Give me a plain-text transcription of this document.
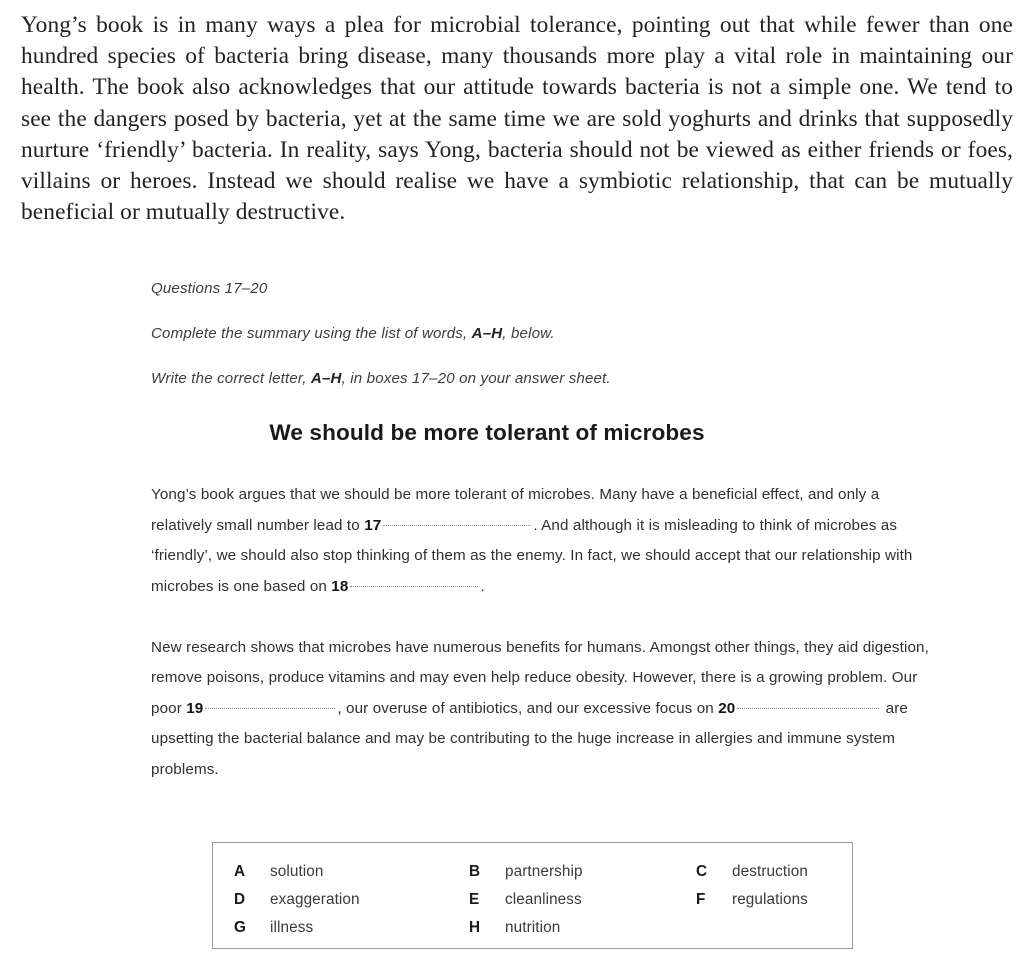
Yong’s book is in many ways a plea for microbial tolerance, pointing out that while fewer than one hundred species of bacteria bring disease, many thousands more play a vital role in maintaining our health. The book also acknowledges that our attitude towards bacteria is not a simple one. We tend to see the dangers posed by bacteria, yet at the same time we are sold yoghurts and drinks that supposedly nurture ‘friendly’ bacteria. In reality, says Yong, bacteria should not be viewed as either friends or foes, villains or heroes. Instead we should realise we have a symbiotic relationship, that can be mutually beneficial or mutually destructive.
Questions 17–20
Complete the summary using the list of words, A–H, below.
Write the correct letter, A–H, in boxes 17–20 on your answer sheet.
We should be more tolerant of microbes

Yong’s book argues that we should be more tolerant of microbes. Many have a beneficial effect, and only a relatively small number lead to 17	. And although it is misleading to think of microbes as ‘friendly’, we should also stop thinking of them as the enemy. In fact, we should accept that our relationship with microbes is one based on 18	.

New research shows that microbes have numerous benefits for humans. Amongst other things, they aid digestion, remove poisons, produce vitamins and may even help reduce obesity. However, there is a growing problem. Our poor 19	, our overuse of antibiotics, and our excessive focus on 20	are upsetting the bacterial balance and may be contributing to the huge increase in allergies and immune system problems.

A	solution	B	partnership	C	destruction
D	exaggeration	E	cleanliness	F	regulations
G	illness	H	nutrition
